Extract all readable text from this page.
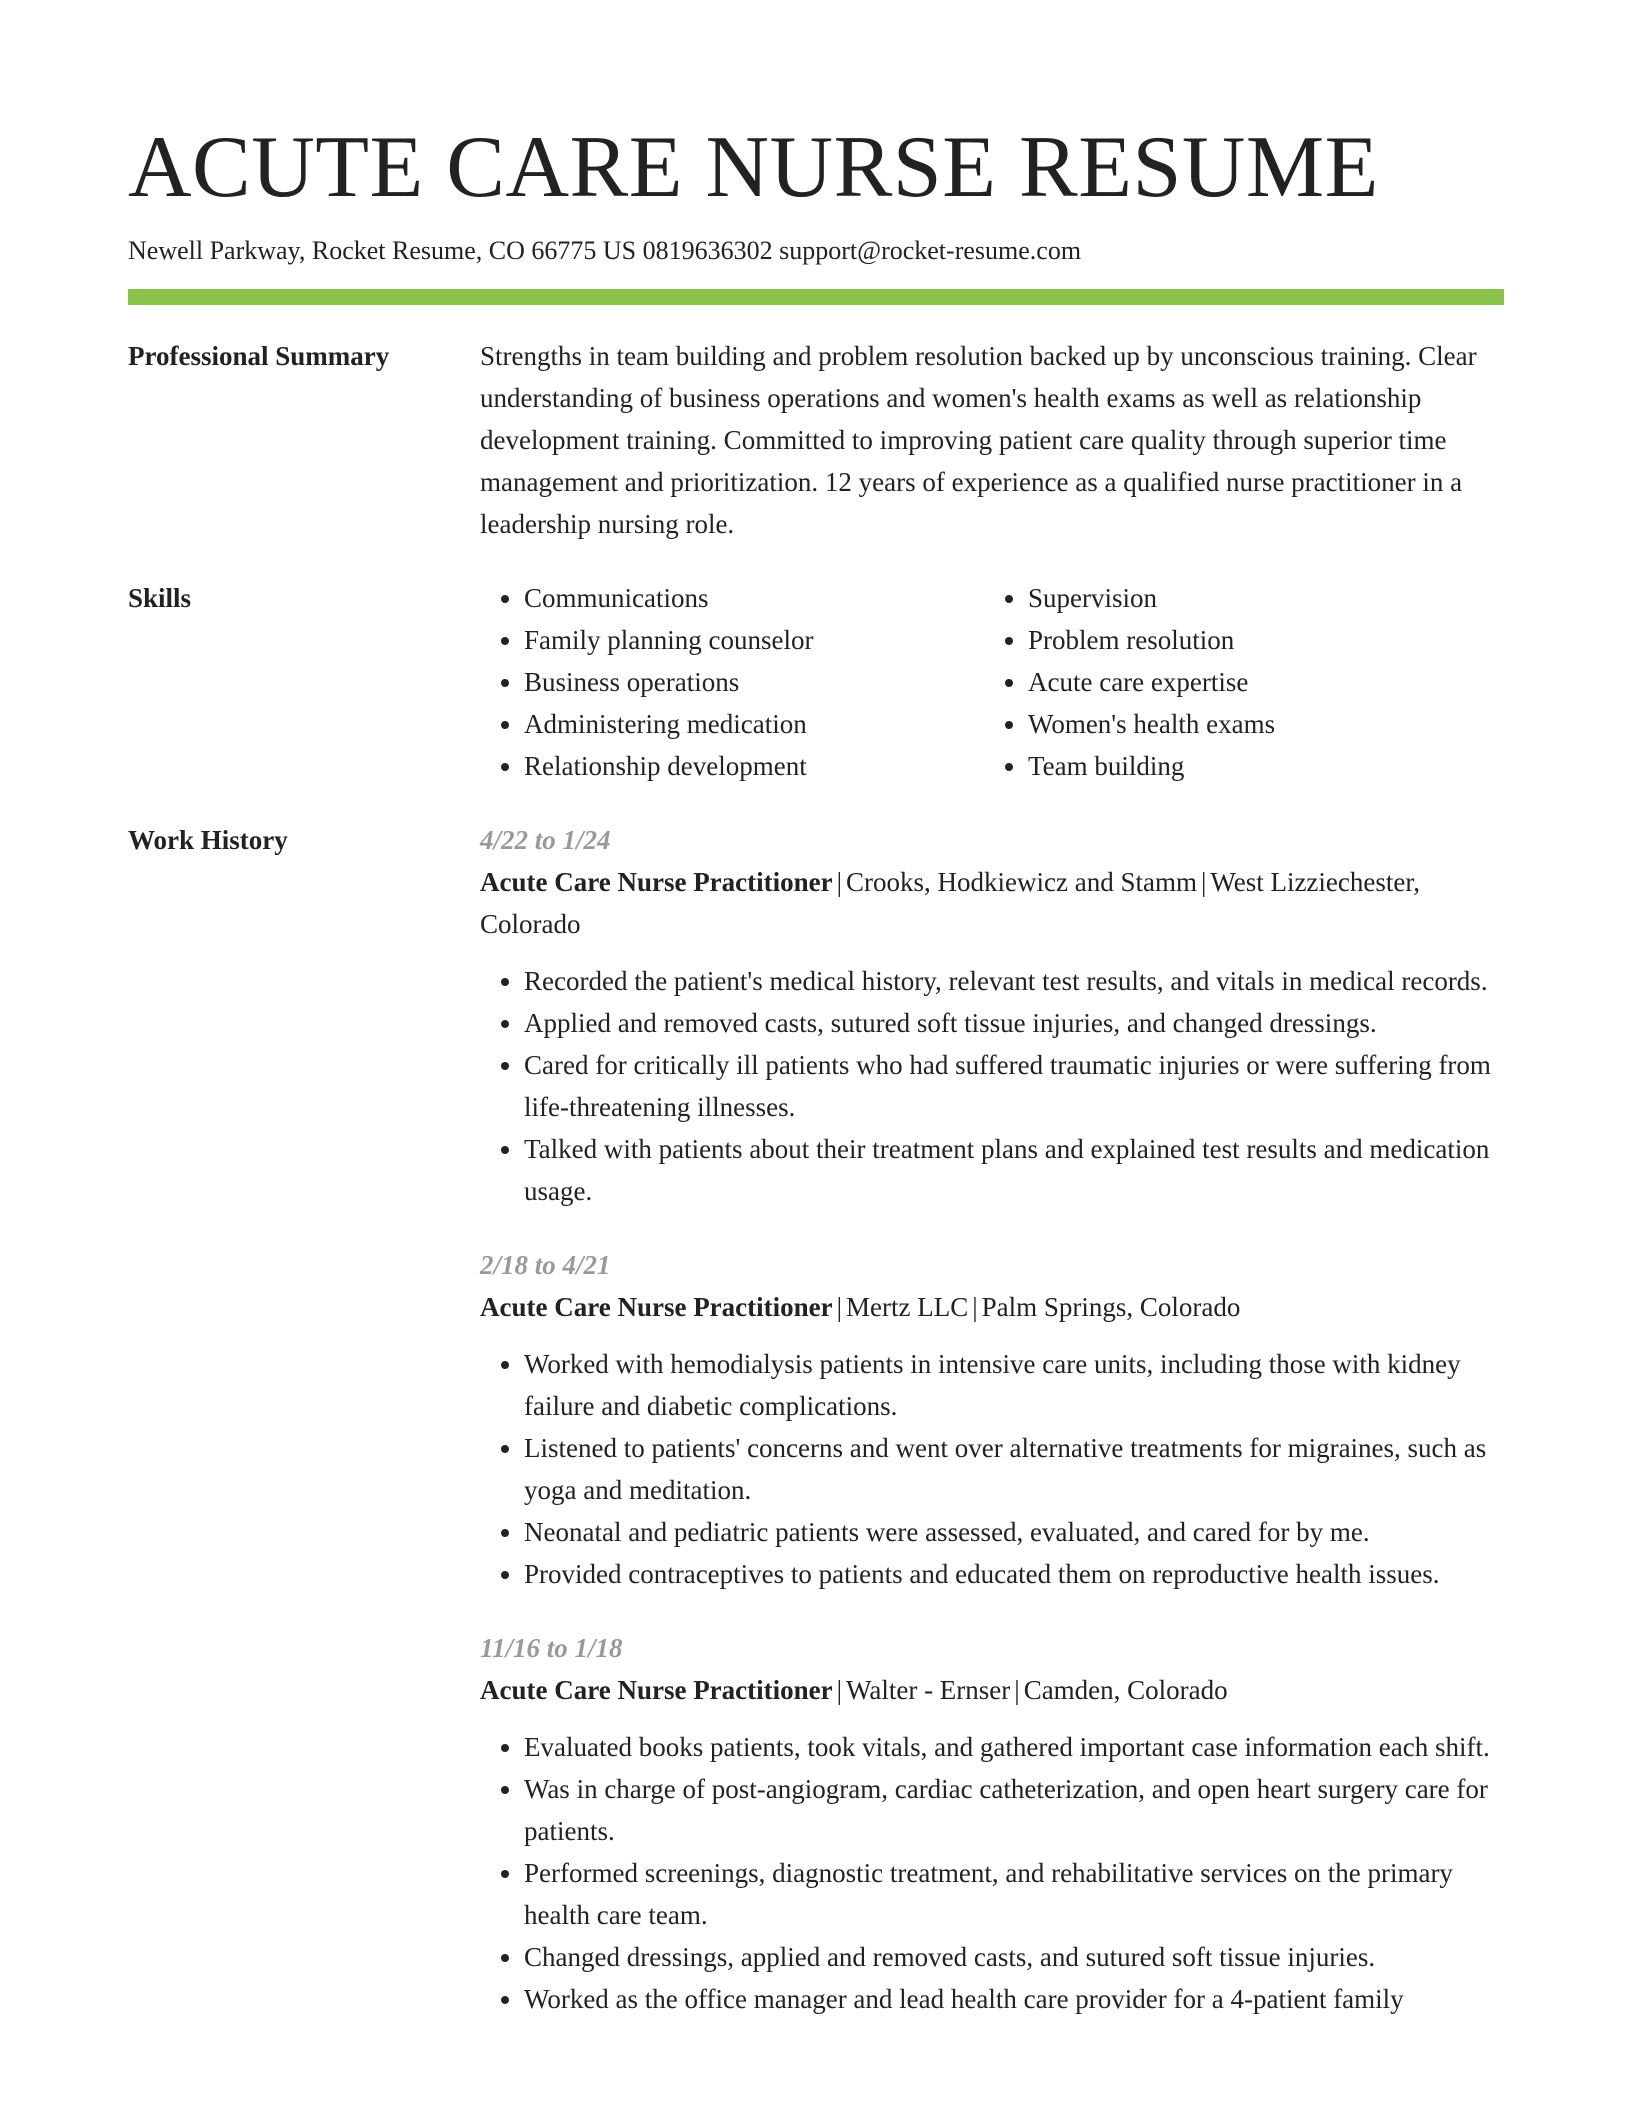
ACUTE CARE NURSE RESUME
Newell Parkway, Rocket Resume, CO 66775 US 0819636302 support@rocket-resume.com
Professional Summary	Strengths in team building and problem resolution backed up by unconscious training. Clear understanding of business operations and women's health exams as well as relationship development training. Committed to improving patient care quality through superior time management and prioritization. 12 years of experience as a qualified nurse practitioner in a leadership nursing role.
Skills
•	Communications
• Family planning counselor
• Business operations
• Administering medication
• Relationship development
• Supervision
• Problem resolution
• Acute care expertise
• Women's health exams
• Team building
Work History	4/22 to 1/24
Acute Care Nurse Practitioner | Crooks, Hodkiewicz and Stamm | West Lizziechester, Colorado
• Recorded the patient's medical history, relevant test results, and vitals in medical records.
• Applied and removed casts, sutured soft tissue injuries, and changed dressings.
• Cared for critically ill patients who had suffered traumatic injuries or were suffering from life-threatening illnesses.
• Talked with patients about their treatment plans and explained test results and medication usage.
2/18 to 4/21
Acute Care Nurse Practitioner | Mertz LLC | Palm Springs, Colorado
• Worked with hemodialysis patients in intensive care units, including those with kidney failure and diabetic complications.
• Listened to patients' concerns and went over alternative treatments for migraines, such as yoga and meditation.
• Neonatal and pediatric patients were assessed, evaluated, and cared for by me.
• Provided contraceptives to patients and educated them on reproductive health issues.
11/16 to 1/18
Acute Care Nurse Practitioner | Walter - Ernser | Camden, Colorado
• Evaluated books patients, took vitals, and gathered important case information each shift.
• Was in charge of post-angiogram, cardiac catheterization, and open heart surgery care for patients.
• Performed screenings, diagnostic treatment, and rehabilitative services on the primary health care team.
• Changed dressings, applied and removed casts, and sutured soft tissue injuries.
• Worked as the office manager and lead health care provider for a 4-patient family
